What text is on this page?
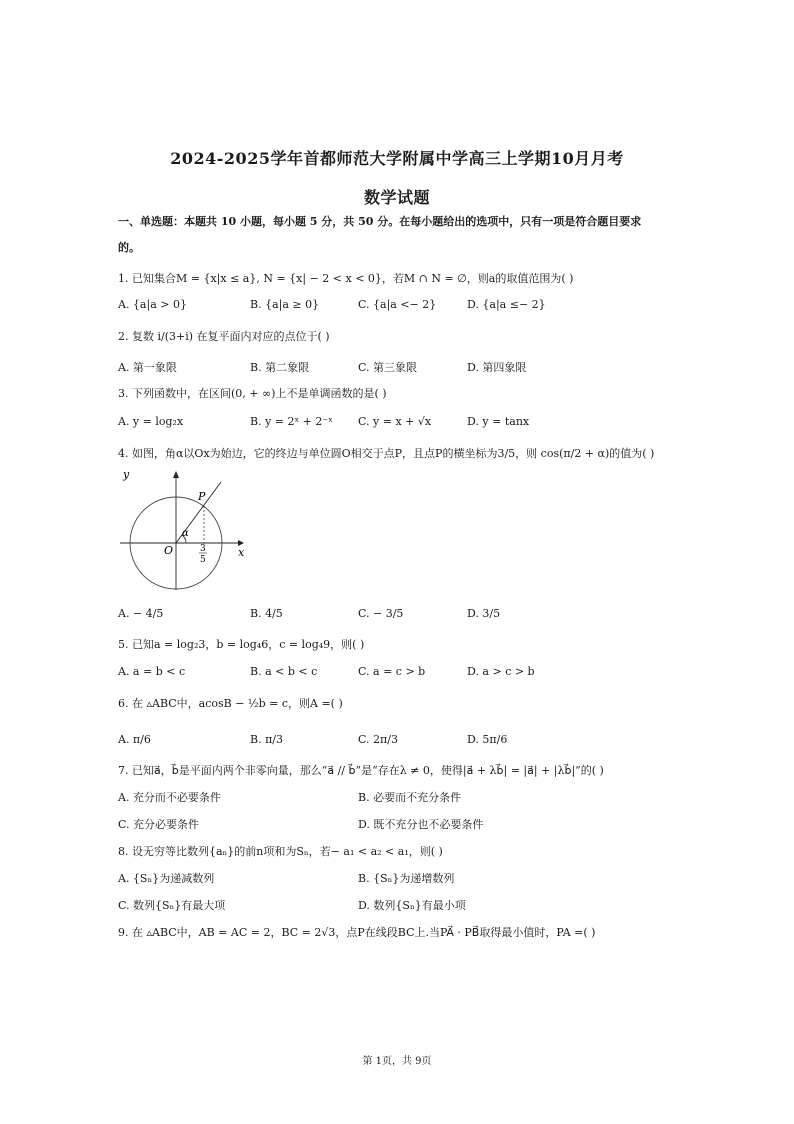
2024-2025学年首都师范大学附属中学高三上学期10月月考
数学试题
一、单选题：本题共 10 小题，每小题 5 分，共 50 分。在每小题给出的选项中，只有一项是符合题目要求
的。
1. 已知集合M = {x|x ≤ a}, N = {x| − 2 < x < 0}，若M ∩ N = ∅，则a的取值范围为( )
A. {a|a > 0}	B. {a|a ≥ 0}	C. {a|a <− 2}	D. {a|a ≤− 2}
2. 复数 i/(3+i) 在复平面内对应的点位于( )
A. 第一象限	B. 第二象限	C. 第三象限	D. 第四象限
3. 下列函数中，在区间(0, + ∞)上不是单调函数的是( )
A. y = log₂x	B. y = 2ˣ + 2⁻ˣ C. y = x + √x	D. y = tanx
4. 如图，角α以Ox为始边，它的终边与单位圆O相交于点P，且点P的横坐标为3/5，则 cos(π/2 + α)的值为( )
y
x
O
P
α
3
5
A. − 4/5	B. 4/5	C. − 3/5	D. 3/5
5. 已知a = log₂3，b = log₄6，c = log₄9，则( )
A. a = b < c	B. a < b < c	C. a = c > b	D. a > c > b
6. 在 ▵ABC中，acosB − ½b = c，则A =( )
A. π/6	B. π/3	C. 2π/3	D. 5π/6
7. 已知a⃗，b⃗是平面内两个非零向量，那么“a⃗ // b⃗”是“存在λ ≠ 0，使得|a⃗ + λb⃗| = |a⃗| + |λb⃗|”的( )
A. 充分而不必要条件	B. 必要而不充分条件
C. 充分必要条件	D. 既不充分也不必要条件
8. 设无穷等比数列{aₙ}的前n项和为Sₙ，若− a₁ < a₂ < a₁，则( )
A. {Sₙ}为递减数列	B. {Sₙ}为递增数列
C. 数列{Sₙ}有最大项	D. 数列{Sₙ}有最小项
9. 在 ▵ABC中，AB = AC = 2，BC = 2√3，点P在线段BC上.当PA⃗ · PB⃗取得最小值时，PA =( )
第 1页，共 9页
